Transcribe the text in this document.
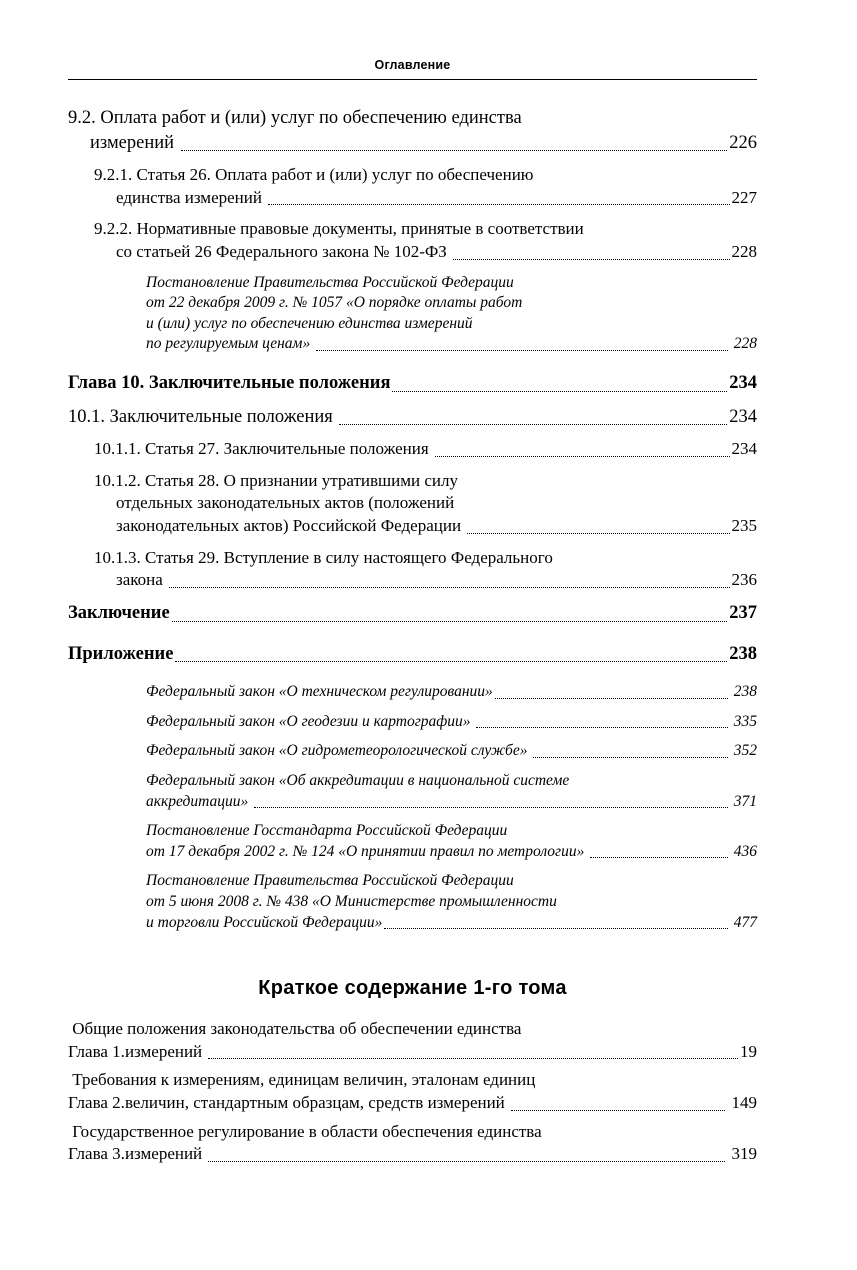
Оглавление
9.2. Оплата работ и (или) услуг по обеспечению единства
измерений	226
9.2.1. Статья 26. Оплата работ и (или) услуг по обеспечению
единства измерений	227
9.2.2. Нормативные правовые документы, принятые в соответствии
со статьей 26 Федерального закона № 102-ФЗ	228
Постановление Правительства Российской Федерации
от 22 декабря 2009 г. № 1057 «О порядке оплаты работ
и (или) услуг по обеспечению единства измерений
по регулируемым ценам»	228
Глава 10. Заключительные положения	234
10.1. Заключительные положения	234
10.1.1. Статья 27. Заключительные положения	234
10.1.2. Статья 28. О признании утратившими силу
отдельных законодательных актов (положений
законодательных актов) Российской Федерации	235
10.1.3. Статья 29. Вступление в силу настоящего Федерального
закона	236
Заключение	237
Приложение	238
Федеральный закон «О техническом регулировании»	238
Федеральный закон «О геодезии и картографии»	335
Федеральный закон «О гидрометеорологической службе»	352
Федеральный закон «Об аккредитации в национальной системе
аккредитации»	371
Постановление Госстандарта Российской Федерации
от 17 декабря 2002 г. № 124 «О принятии правил по метрологии»	436
Постановление Правительства Российской Федерации
от 5 июня 2008 г. № 438 «О Министерстве промышленности
и торговли Российской Федерации»	477
Краткое содержание 1-го тома
Общие положения законодательства об обеспечении единства
Глава 1.измерений	19
Требования к измерениям, единицам величин, эталонам единиц
Глава 2.величин, стандартным образцам, средств измерений	149
Государственное регулирование в области обеспечения единства
Глава 3.измерений	319
